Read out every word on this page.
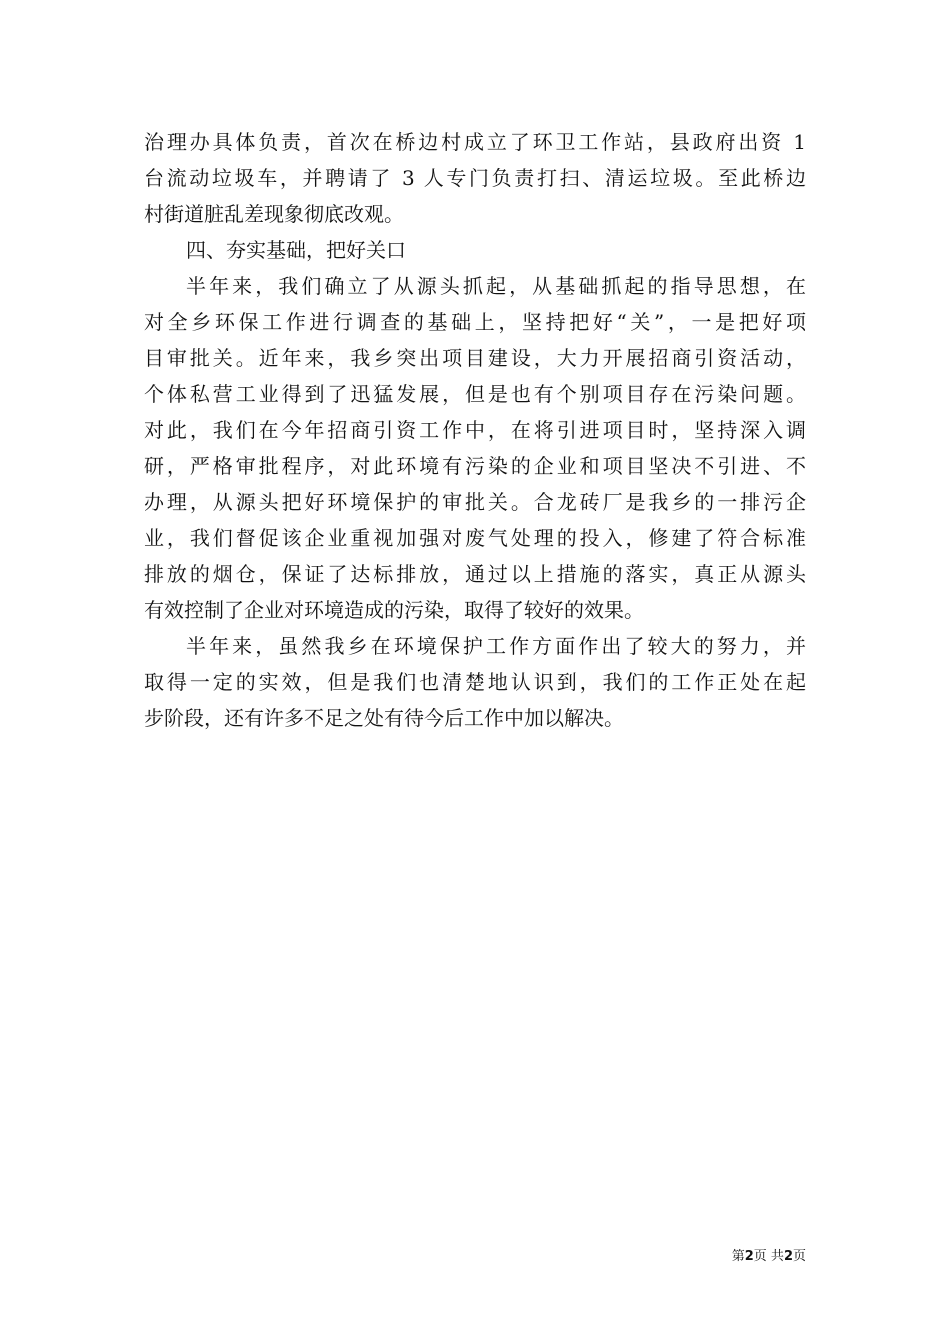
治理办具体负责，首次在桥边村成立了环卫工作站，县政府出资 1
台流动垃圾车，并聘请了 3 人专门负责打扫、清运垃圾。至此桥边
村街道脏乱差现象彻底改观。
四、夯实基础，把好关口
半年来，我们确立了从源头抓起，从基础抓起的指导思想，在
对全乡环保工作进行调查的基础上，坚持把好“关”，一是把好项
目审批关。近年来，我乡突出项目建设，大力开展招商引资活动，
个体私营工业得到了迅猛发展，但是也有个别项目存在污染问题。
对此，我们在今年招商引资工作中，在将引进项目时，坚持深入调
研，严格审批程序，对此环境有污染的企业和项目坚决不引进、不
办理，从源头把好环境保护的审批关。合龙砖厂是我乡的一排污企
业，我们督促该企业重视加强对废气处理的投入，修建了符合标准
排放的烟仓，保证了达标排放，通过以上措施的落实，真正从源头
有效控制了企业对环境造成的污染，取得了较好的效果。
半年来，虽然我乡在环境保护工作方面作出了较大的努力，并
取得一定的实效，但是我们也清楚地认识到，我们的工作正处在起
步阶段，还有许多不足之处有待今后工作中加以解决。
第2页 共2页
